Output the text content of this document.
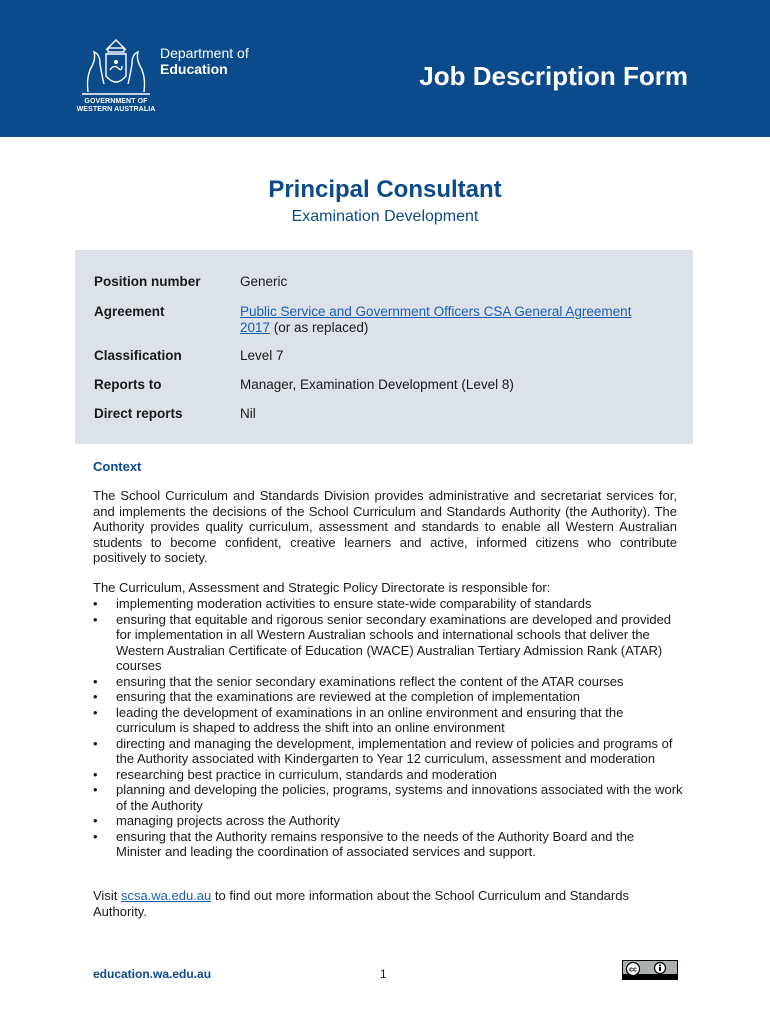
Department of
Education
GOVERNMENT OF
WESTERN AUSTRALIA
Job Description Form
Principal Consultant
Examination Development
Position number	Generic
Agreement	Public Service and Government Officers CSA General Agreement
2017 (or as replaced)
Classification	Level 7
Reports to	Manager, Examination Development (Level 8)
Direct reports	Nil
Context

The School Curriculum and Standards Division provides administrative and secretariat services for, and implements the decisions of the School Curriculum and Standards Authority (the Authority). The Authority provides quality curriculum, assessment and standards to enable all Western Australian students to become confident, creative learners and active, informed citizens who contribute positively to society.

The Curriculum, Assessment and Strategic Policy Directorate is responsible for:
• implementing moderation activities to ensure state-wide comparability of standards
• ensuring that equitable and rigorous senior secondary examinations are developed and provided for implementation in all Western Australian schools and international schools that deliver the Western Australian Certificate of Education (WACE) Australian Tertiary Admission Rank (ATAR) courses
• ensuring that the senior secondary examinations reflect the content of the ATAR courses
• ensuring that the examinations are reviewed at the completion of implementation
• leading the development of examinations in an online environment and ensuring that the curriculum is shaped to address the shift into an online environment
• directing and managing the development, implementation and review of policies and programs of the Authority associated with Kindergarten to Year 12 curriculum, assessment and moderation
• researching best practice in curriculum, standards and moderation
• planning and developing the policies, programs, systems and innovations associated with the work of the Authority
• managing projects across the Authority
• ensuring that the Authority remains responsive to the needs of the Authority Board and the Minister and leading the coordination of associated services and support.

Visit scsa.wa.edu.au to find out more information about the School Curriculum and Standards Authority.

education.wa.edu.au	1	cc
